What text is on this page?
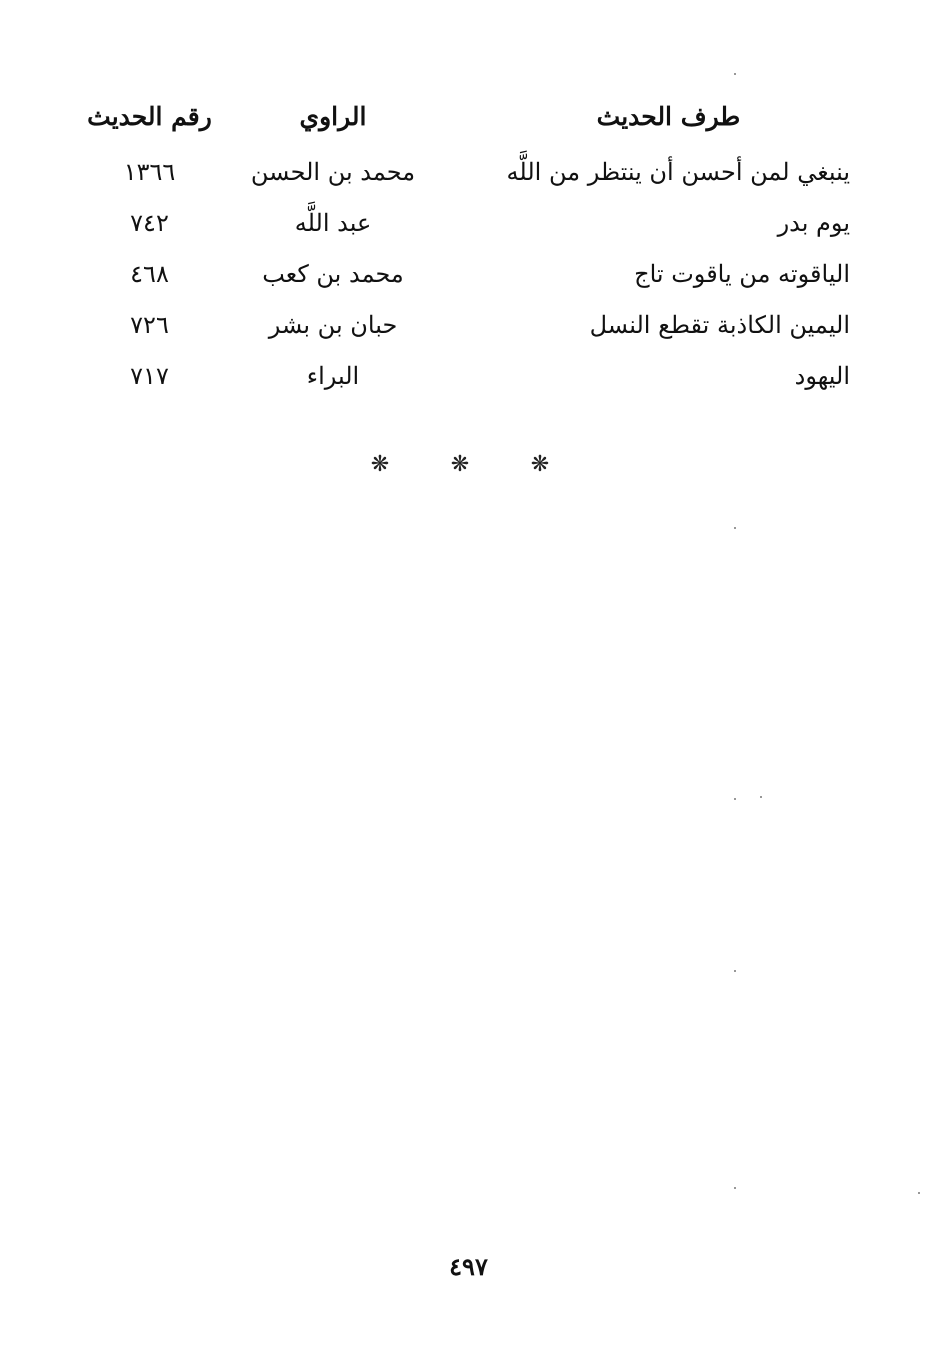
طرف الحديث
الراوي
رقم الحديث
ينبغي لمن أحسن أن ينتظر من اللَّه
محمد بن الحسن
١٣٦٦
يوم بدر
عبد اللَّه
٧٤٢
الياقوته من ياقوت تاج
محمد بن كعب
٤٦٨
اليمين الكاذبة تقطع النسل
حبان بن بشر
٧٢٦
اليهود
البراء
٧١٧
❋	❋	❋
٤٩٧
